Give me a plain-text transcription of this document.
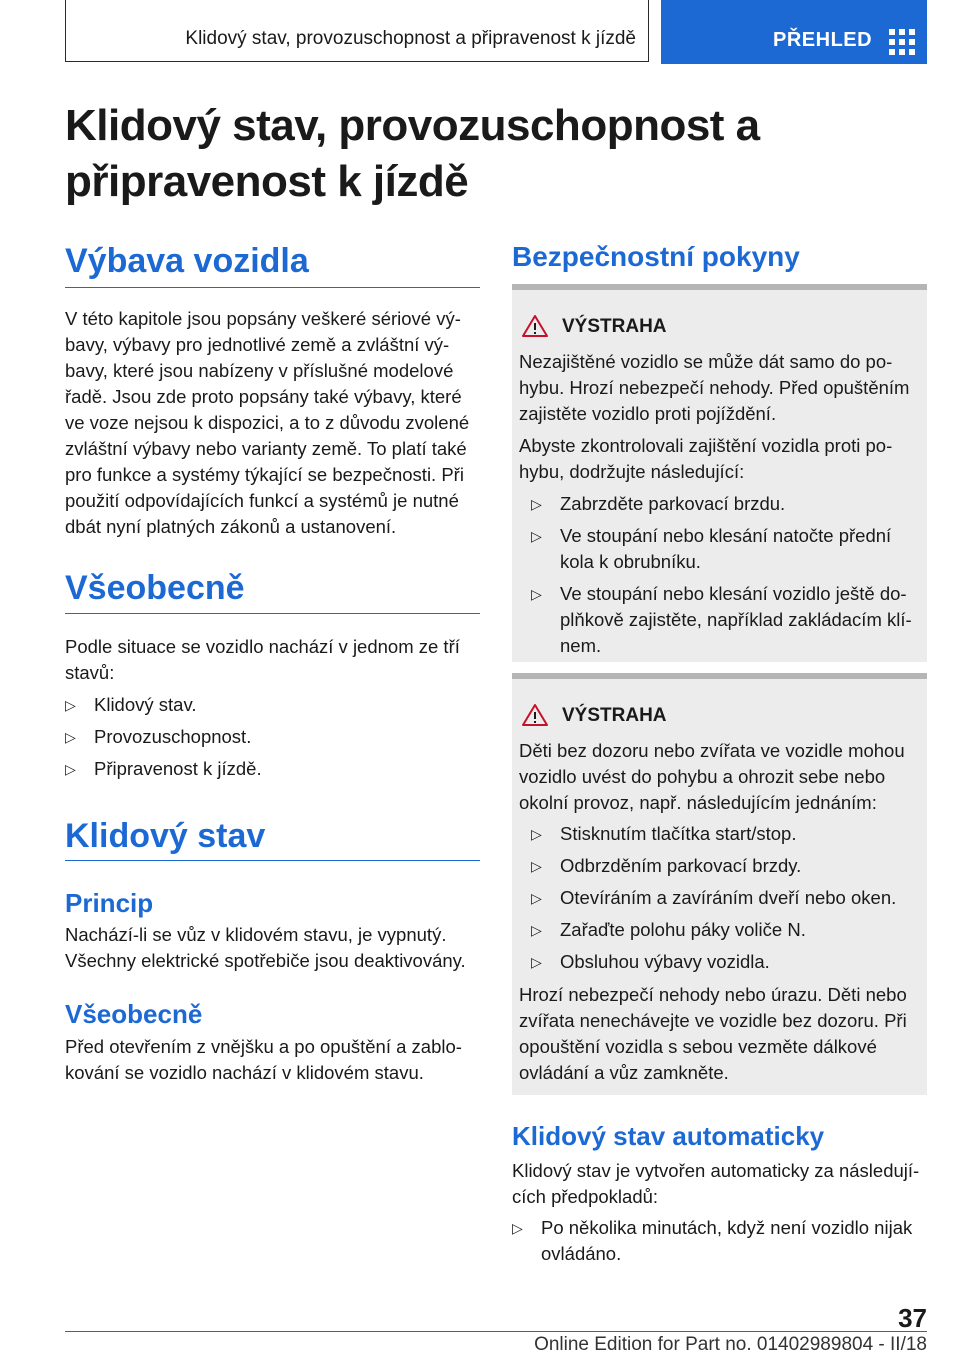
Klidový stav, provozuschopnost a připravenost k jízdě	PŘEHLED
Klidový stav, provozuschopnost a připravenost k jízdě
Výbava vozidla
V této kapitole jsou popsány veškeré sériové vý-
bavy, výbavy pro jednotlivé země a zvláštní vý-
bavy, které jsou nabízeny v příslušné modelové
řadě. Jsou zde proto popsány také výbavy, které
ve voze nejsou k dispozici, a to z důvodu zvolené
zvláštní výbavy nebo varianty země. To platí také
pro funkce a systémy týkající se bezpečnosti. Při
použití odpovídajících funkcí a systémů je nutné
dbát nyní platných zákonů a ustanovení.
Všeobecně
Podle situace se vozidlo nachází v jednom ze tří
stavů:
▷ Klidový stav.
▷ Provozuschopnost.
▷ Připravenost k jízdě.
Klidový stav
Princip
Nachází-li se vůz v klidovém stavu, je vypnutý.
Všechny elektrické spotřebiče jsou deaktivovány.
Všeobecně
Před otevřením z vnějšku a po opuštění a zablo-
kování se vozidlo nachází v klidovém stavu.
Bezpečnostní pokyny
VÝSTRAHA
Nezajištěné vozidlo se může dát samo do po-
hybu. Hrozí nebezpečí nehody. Před opuštěním
zajistěte vozidlo proti pojíždění.
Abyste zkontrolovali zajištění vozidla proti po-
hybu, dodržujte následující:
▷ Zabrzděte parkovací brzdu.
▷ Ve stoupání nebo klesání natočte přední
kola k obrubníku.
▷ Ve stoupání nebo klesání vozidlo ještě do-
plňkově zajistěte, například zakládacím klí-
nem.
VÝSTRAHA
Děti bez dozoru nebo zvířata ve vozidle mohou
vozidlo uvést do pohybu a ohrozit sebe nebo
okolní provoz, např. následujícím jednáním:
▷ Stisknutím tlačítka start/stop.
▷ Odbrzděním parkovací brzdy.
▷ Otevíráním a zavíráním dveří nebo oken.
▷ Zařaďte polohu páky voliče N.
▷ Obsluhou výbavy vozidla.
Hrozí nebezpečí nehody nebo úrazu. Děti nebo
zvířata nenechávejte ve vozidle bez dozoru. Při
opouštění vozidla s sebou vezměte dálkové
ovládání a vůz zamkněte.
Klidový stav automaticky
Klidový stav je vytvořen automaticky za následují-
cích předpokladů:
▷ Po několika minutách, když není vozidlo nijak
ovládáno.
37
Online Edition for Part no. 01402989804 - II/18
